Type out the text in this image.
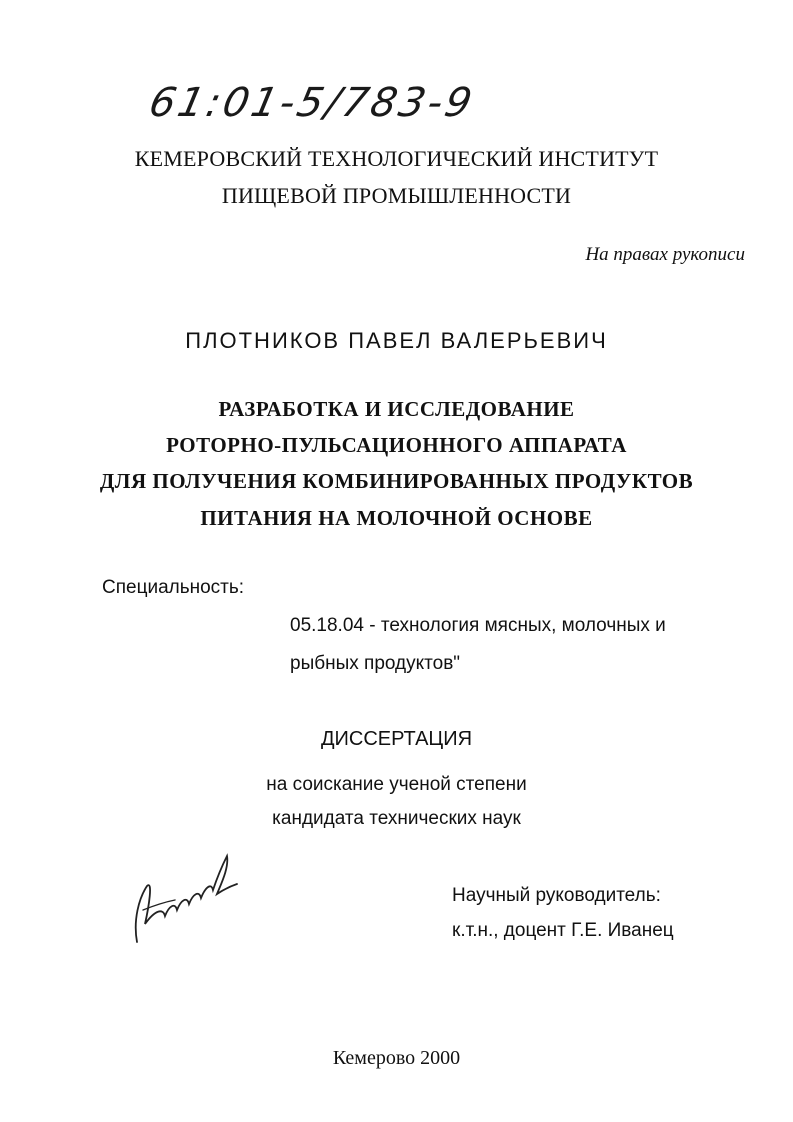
61:01-5/783-9
КЕМЕРОВСКИЙ ТЕХНОЛОГИЧЕСКИЙ ИНСТИТУТ
ПИЩЕВОЙ ПРОМЫШЛЕННОСТИ
На правах рукописи
ПЛОТНИКОВ ПАВЕЛ ВАЛЕРЬЕВИЧ
РАЗРАБОТКА И ИССЛЕДОВАНИЕ
РОТОРНО-ПУЛЬСАЦИОННОГО АППАРАТА
ДЛЯ ПОЛУЧЕНИЯ КОМБИНИРОВАННЫХ ПРОДУКТОВ
ПИТАНИЯ НА МОЛОЧНОЙ ОСНОВЕ
Специальность:
05.18.04 - технология мясных, молочных и
рыбных продуктов"
ДИССЕРТАЦИЯ
на соискание ученой степени
кандидата технических наук
Научный руководитель:
к.т.н., доцент Г.Е. Иванец
Кемерово 2000
